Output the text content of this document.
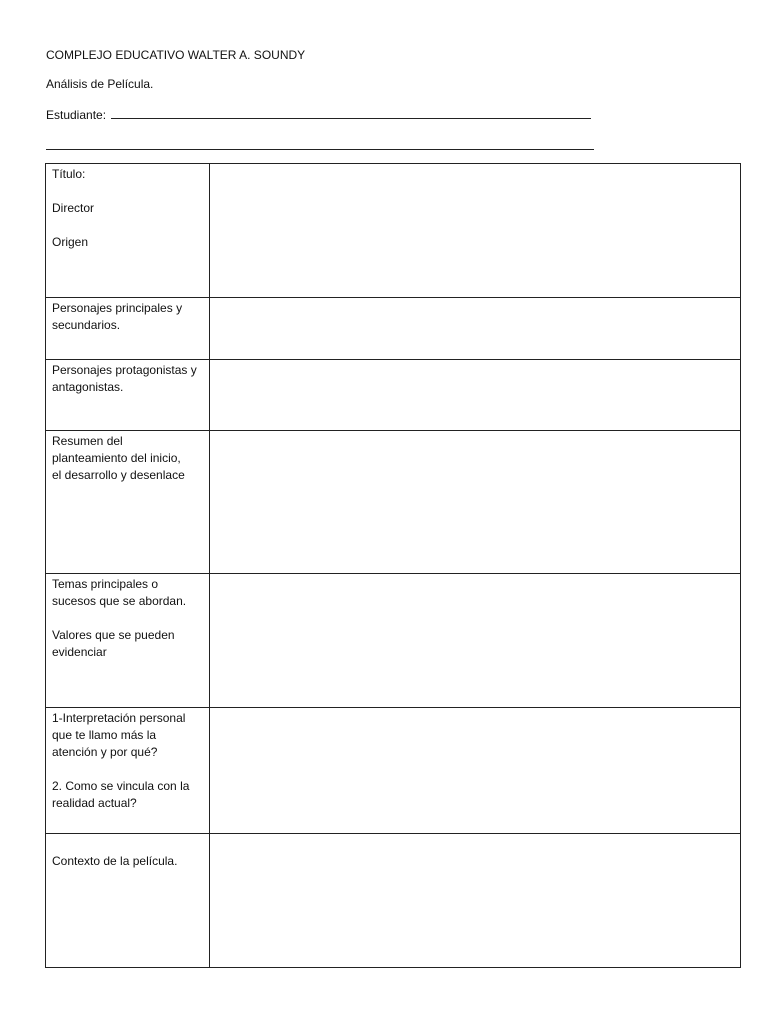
COMPLEJO EDUCATIVO WALTER A. SOUNDY
Análisis de Película.
Estudiante:
Título:
Director
Origen	

Personajes principales y
secundarios.	

Personajes protagonistas y
antagonistas.	

Resumen del
planteamiento del inicio,
el desarrollo y desenlace	

Temas principales o
sucesos que se abordan.
Valores que se pueden
evidenciar	

1-Interpretación personal
que te llamo más la
atención y por qué?
2. Como se vincula con la
realidad actual?	

Contexto de la película.	
